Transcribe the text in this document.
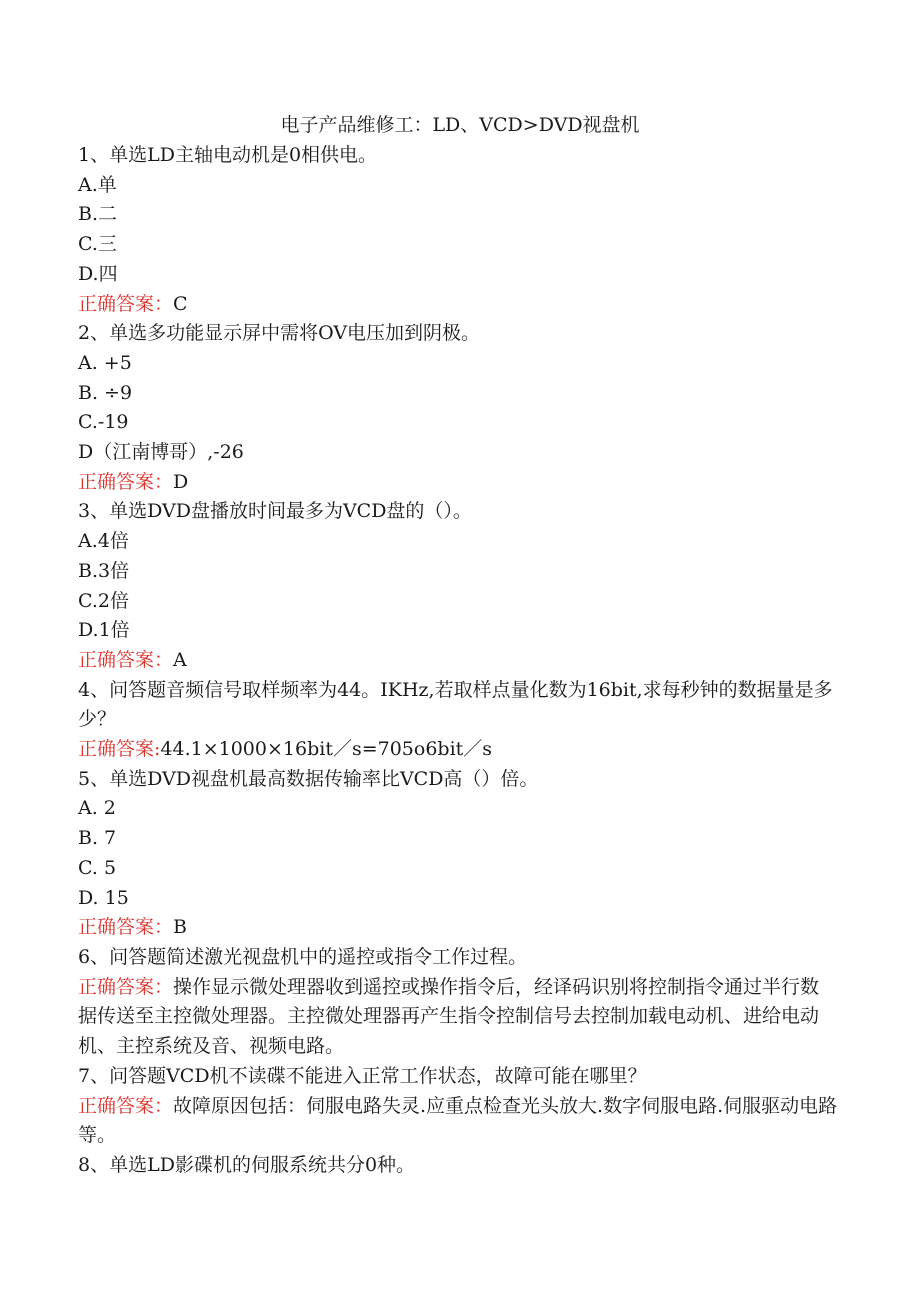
电子产品维修工：LD、VCD>DVD视盘机
1、单选LD主轴电动机是0相供电。
A.单
B.二
C.三
D.四
正确答案：C
2、单选多功能显示屏中需将OV电压加到阴极。
A. +5
B. ÷9
C.-19
D（江南博哥）,-26
正确答案：D
3、单选DVD盘播放时间最多为VCD盘的（）。
A.4倍
B.3倍
C.2倍
D.1倍
正确答案：A
4、问答题音频信号取样频率为44。IKHz,若取样点量化数为16bit,求每秒钟的数据量是多少？
正确答案:44.1×1000×16bit／s=705o6bit／s
5、单选DVD视盘机最高数据传输率比VCD高（）倍。
A. 2
B. 7
C. 5
D. 15
正确答案：B
6、问答题简述激光视盘机中的遥控或指令工作过程。
正确答案：操作显示微处理器收到遥控或操作指令后，经译码识别将控制指令通过半行数据传送至主控微处理器。主控微处理器再产生指令控制信号去控制加载电动机、进给电动机、主控系统及音、视频电路。
7、问答题VCD机不读碟不能进入正常工作状态，故障可能在哪里？
正确答案：故障原因包括：伺服电路失灵.应重点检查光头放大.数字伺服电路.伺服驱动电路等。
8、单选LD影碟机的伺服系统共分0种。
